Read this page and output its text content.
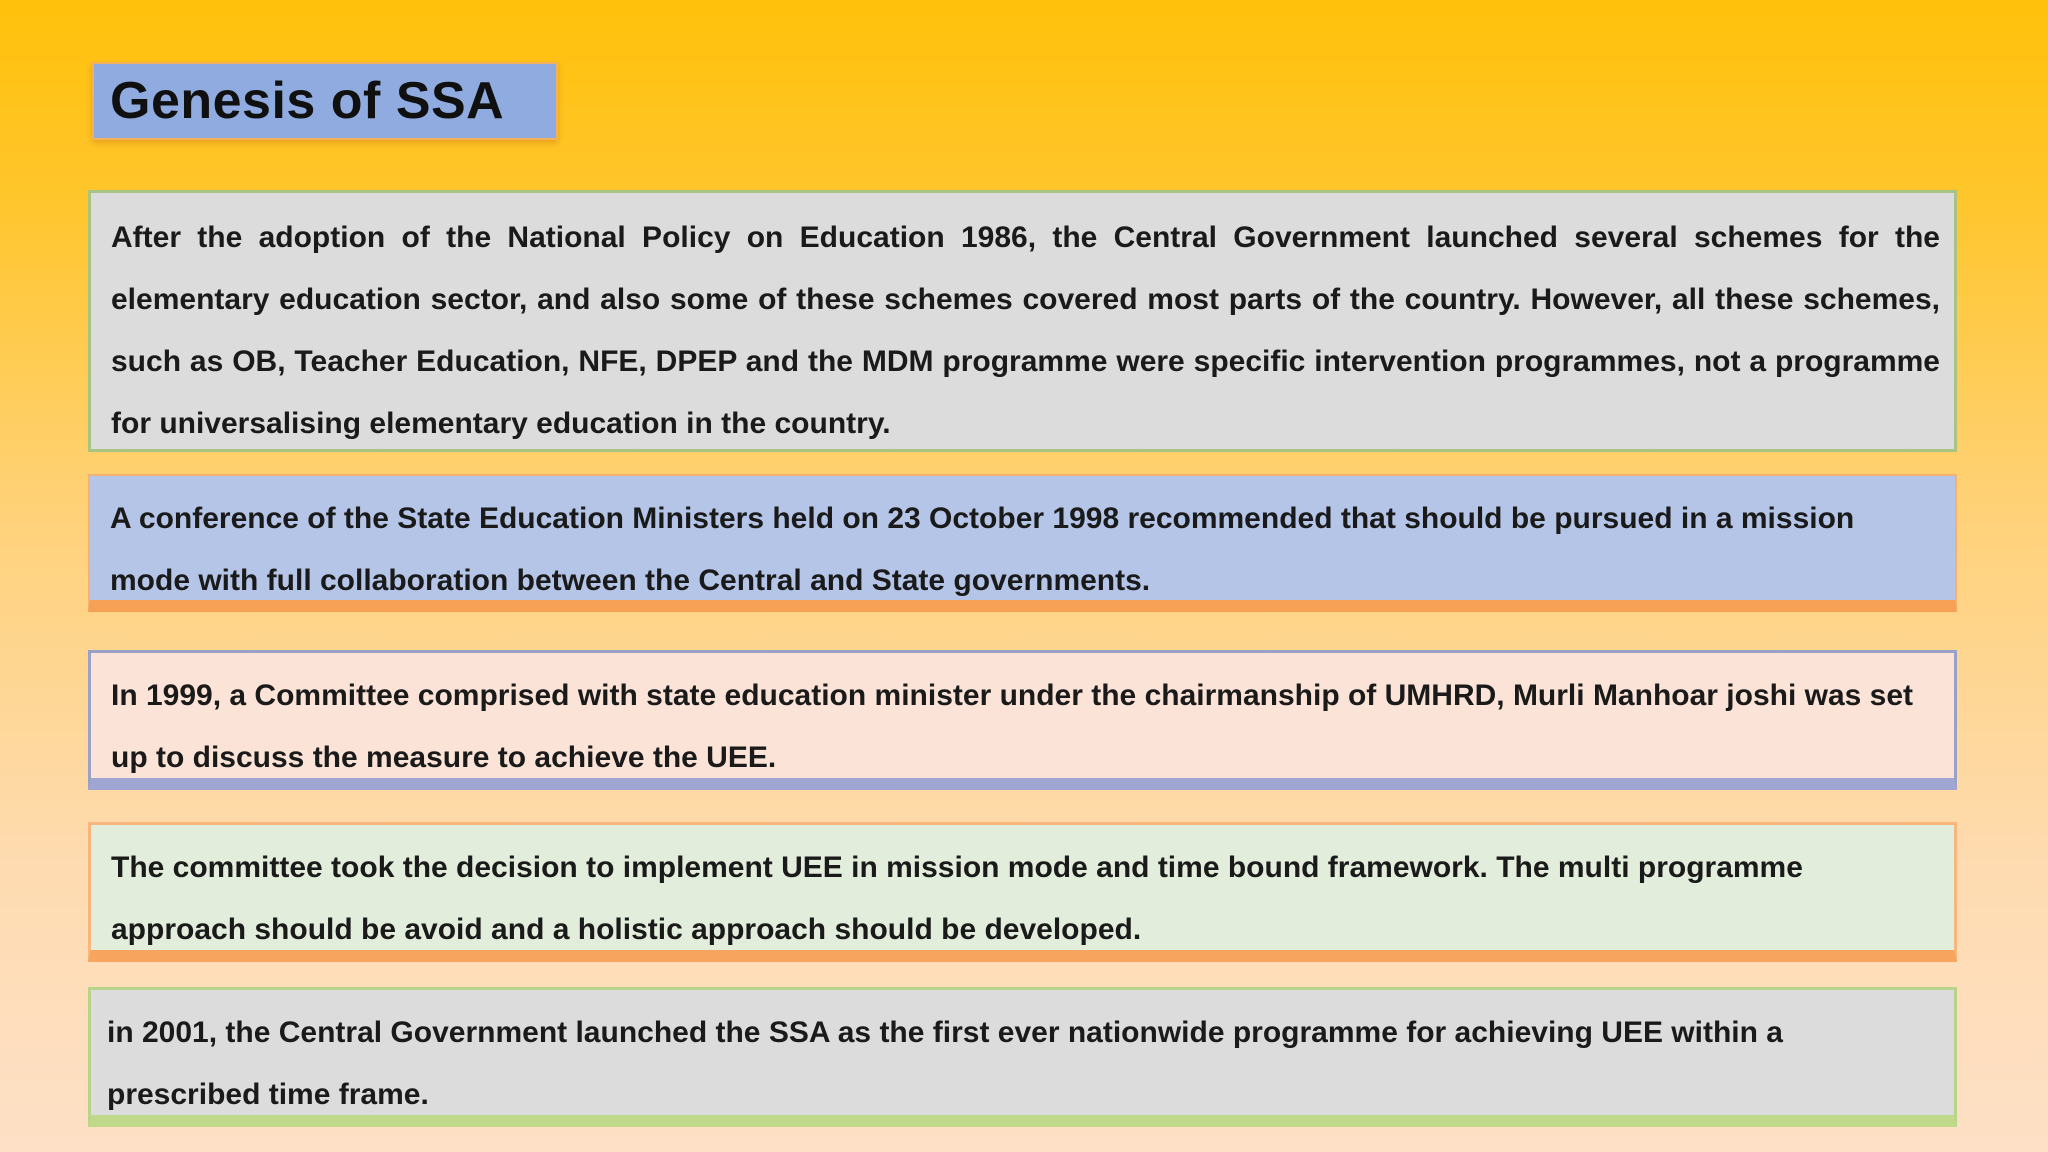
Genesis of SSA

After the adoption of the National Policy on Education 1986, the Central Government launched several schemes for the elementary education sector, and also some of these schemes covered most parts of the country. However, all these schemes, such as OB, Teacher Education, NFE, DPEP and the MDM programme were specific intervention programmes, not a programme for universalising elementary education in the country.

A conference of the State Education Ministers held on 23 October 1998 recommended that should be pursued in a mission mode with full collaboration between the Central and State governments.

In 1999, a Committee comprised with state education minister under the chairmanship of UMHRD, Murli Manhoar joshi was set up to discuss the measure to achieve the UEE.

The committee took the decision to implement UEE in mission mode and time bound framework. The multi programme approach should be avoid and a holistic approach should be developed.

in 2001, the Central Government launched the SSA as the first ever nationwide programme for achieving UEE within a prescribed time frame.
